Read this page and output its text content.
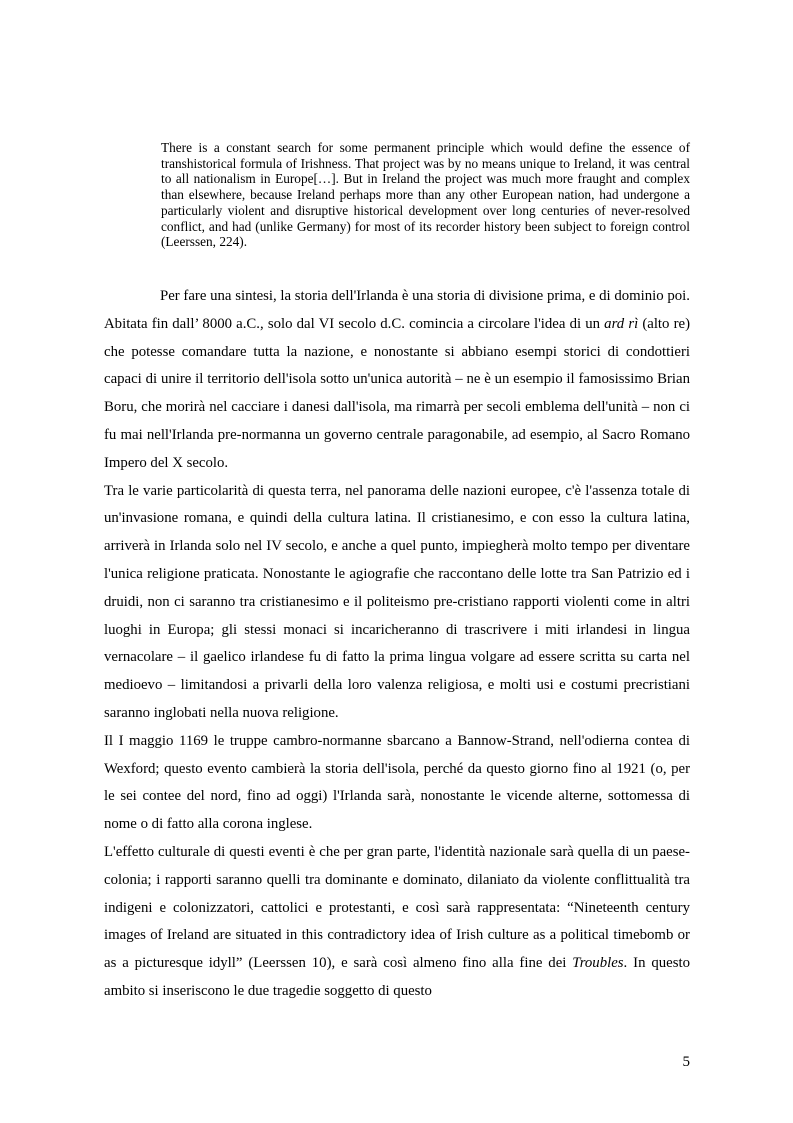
There is a constant search for some permanent principle which would define the essence of transhistorical formula of Irishness. That project was by no means unique to Ireland, it was central to all nationalism in Europe[…]. But in Ireland the project was much more fraught and complex than elsewhere, because Ireland perhaps more than any other European nation, had undergone a particularly violent and disruptive historical development over long centuries of never-resolved conflict, and had (unlike Germany) for most of its recorder history been subject to foreign control (Leerssen, 224).

Per fare una sintesi, la storia dell'Irlanda è una storia di divisione prima, e di dominio poi. Abitata fin dall’ 8000 a.C., solo dal VI secolo d.C. comincia a circolare l'idea di un ard rì (alto re) che potesse comandare tutta la nazione, e nonostante si abbiano esempi storici di condottieri capaci di unire il territorio dell'isola sotto un'unica autorità – ne è un esempio il famosissimo Brian Boru, che morirà nel cacciare i danesi dall'isola, ma rimarrà per secoli emblema dell'unità – non ci fu mai nell'Irlanda pre-normanna un governo centrale paragonabile, ad esempio, al Sacro Romano Impero del X secolo.

Tra le varie particolarità di questa terra, nel panorama delle nazioni europee, c'è l'assenza totale di un'invasione romana, e quindi della cultura latina. Il cristianesimo, e con esso la cultura latina, arriverà in Irlanda solo nel IV secolo, e anche a quel punto, impiegherà molto tempo per diventare l'unica religione praticata. Nonostante le agiografie che raccontano delle lotte tra San Patrizio ed i druidi, non ci saranno tra cristianesimo e il politeismo pre-cristiano rapporti violenti come in altri luoghi in Europa; gli stessi monaci si incaricheranno di trascrivere i miti irlandesi in lingua vernacolare – il gaelico irlandese fu di fatto la prima lingua volgare ad essere scritta su carta nel medioevo – limitandosi a privarli della loro valenza religiosa, e molti usi e costumi precristiani saranno inglobati nella nuova religione.

Il I maggio 1169 le truppe cambro-normanne sbarcano a Bannow-Strand, nell'odierna contea di Wexford; questo evento cambierà la storia dell'isola, perché da questo giorno fino al 1921 (o, per le sei contee del nord, fino ad oggi) l'Irlanda sarà, nonostante le vicende alterne, sottomessa di nome o di fatto alla corona inglese.

L'effetto culturale di questi eventi è che per gran parte, l'identità nazionale sarà quella di un paese-colonia; i rapporti saranno quelli tra dominante e dominato, dilaniato da violente conflittualità tra indigeni e colonizzatori, cattolici e protestanti, e così sarà rappresentata: “Nineteenth century images of Ireland are situated in this contradictory idea of Irish culture as a political timebomb or as a picturesque idyll” (Leerssen 10), e sarà così almeno fino alla fine dei Troubles. In questo ambito si inseriscono le due tragedie soggetto di questo

5
